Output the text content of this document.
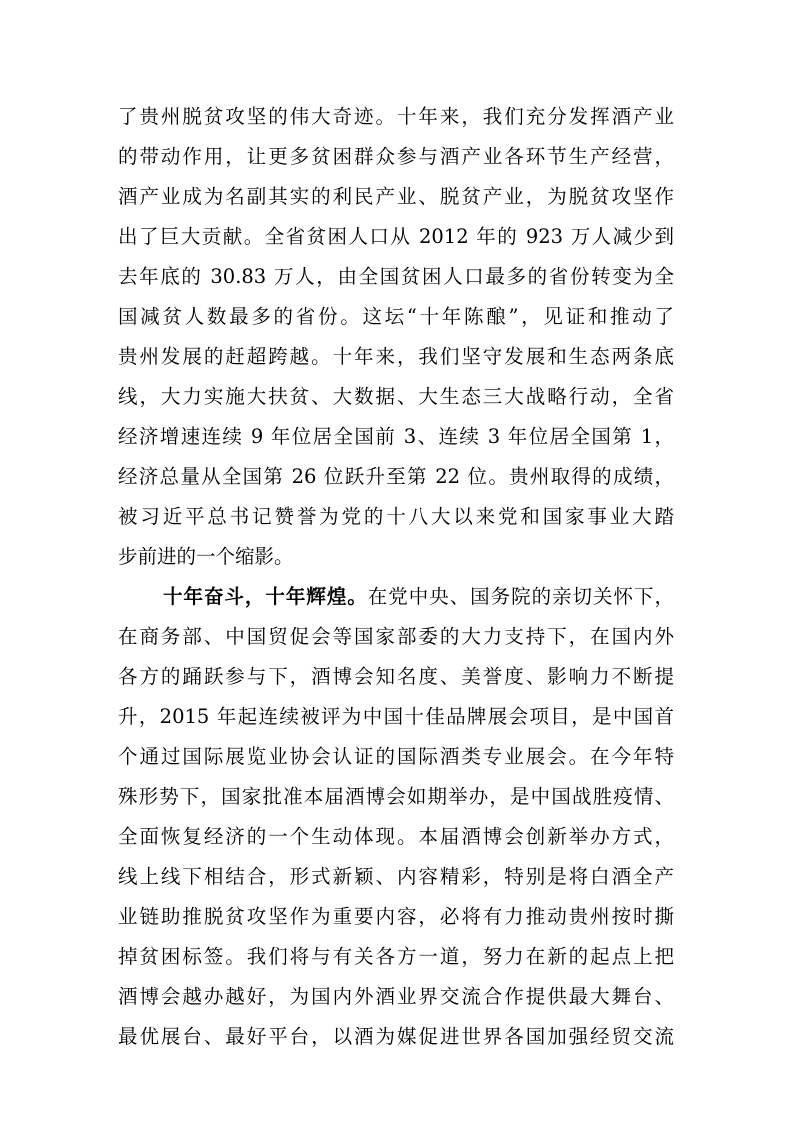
了贵州脱贫攻坚的伟大奇迹。十年来，我们充分发挥酒产业
的带动作用，让更多贫困群众参与酒产业各环节生产经营，
酒产业成为名副其实的利民产业、脱贫产业，为脱贫攻坚作
出了巨大贡献。全省贫困人口从 2012 年的 923 万人减少到
去年底的 30.83 万人，由全国贫困人口最多的省份转变为全
国减贫人数最多的省份。这坛“十年陈酿”，见证和推动了
贵州发展的赶超跨越。十年来，我们坚守发展和生态两条底
线，大力实施大扶贫、大数据、大生态三大战略行动，全省
经济增速连续 9 年位居全国前 3、连续 3 年位居全国第 1，
经济总量从全国第 26 位跃升至第 22 位。贵州取得的成绩，
被习近平总书记赞誉为党的十八大以来党和国家事业大踏
步前进的一个缩影。
十年奋斗，十年辉煌。在党中央、国务院的亲切关怀下，
在商务部、中国贸促会等国家部委的大力支持下，在国内外
各方的踊跃参与下，酒博会知名度、美誉度、影响力不断提
升，2015 年起连续被评为中国十佳品牌展会项目，是中国首
个通过国际展览业协会认证的国际酒类专业展会。在今年特
殊形势下，国家批准本届酒博会如期举办，是中国战胜疫情、
全面恢复经济的一个生动体现。本届酒博会创新举办方式，
线上线下相结合，形式新颖、内容精彩，特别是将白酒全产
业链助推脱贫攻坚作为重要内容，必将有力推动贵州按时撕
掉贫困标签。我们将与有关各方一道，努力在新的起点上把
酒博会越办越好，为国内外酒业界交流合作提供最大舞台、
最优展台、最好平台，以酒为媒促进世界各国加强经贸交流
